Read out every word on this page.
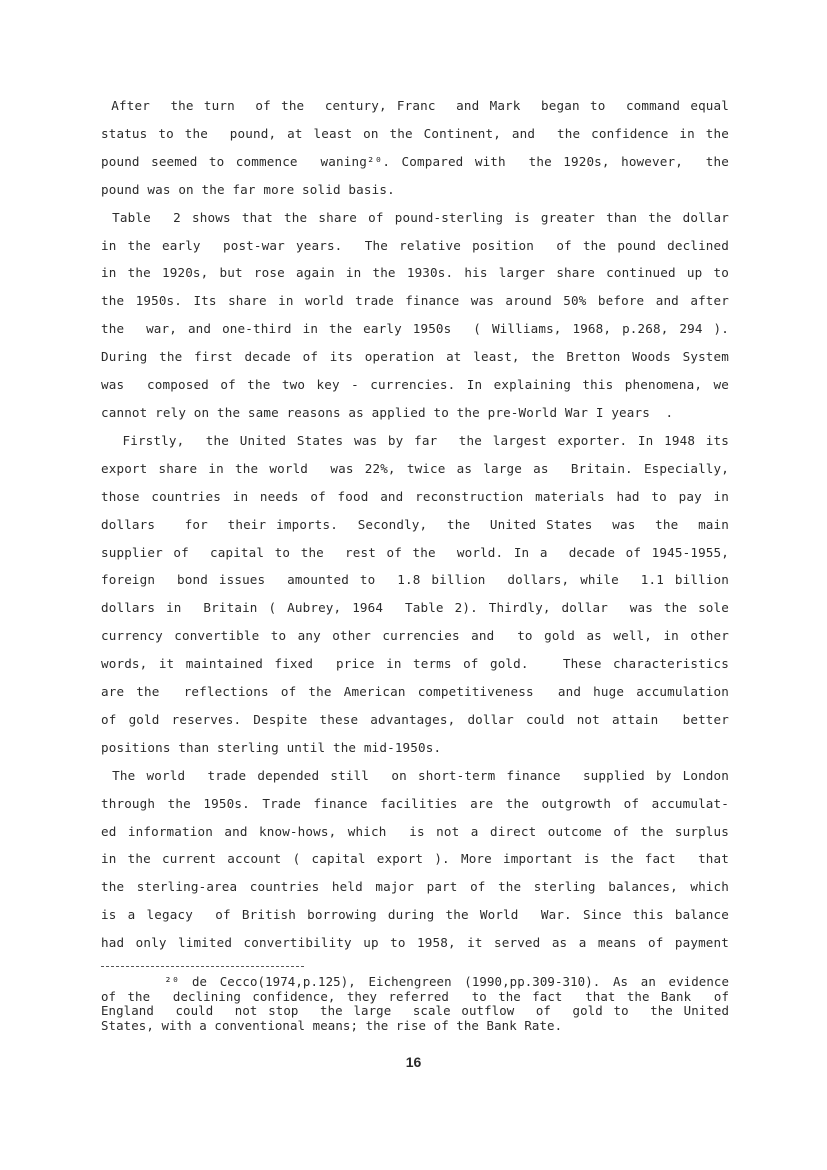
After  the turn  of the  century, Franc  and Mark  began to  command equal
status to the  pound, at least on the Continent, and  the confidence in the
pound seemed to commence  waning²⁰. Compared with  the 1920s, however,  the
pound was on the far more solid basis.
Table  2 shows that the share of pound-sterling is greater than the dollar
in the early  post-war years.  The relative position  of the pound declined
in the 1920s, but rose again in the 1930s. his larger share continued up to
the 1950s. Its share in world trade finance was around 50% before and after
the  war, and one-third in the early 1950s  ( Williams, 1968, p.268, 294 ).
During the first decade of its operation at least, the Bretton Woods System
was  composed of the two key - currencies. In explaining this phenomena, we
cannot rely on the same reasons as applied to the pre-World War I years  .
Firstly,  the United States was by far  the largest exporter. In 1948 its
export share in the world  was 22%, twice as large as  Britain. Especially,
those countries in needs of food and reconstruction materials had to pay in
dollars   for  their imports.  Secondly,  the  United States  was  the  main
supplier of  capital to the  rest of the  world. In a  decade of 1945-1955,
foreign  bond issues  amounted to  1.8 billion  dollars, while  1.1 billion
dollars in  Britain ( Aubrey, 1964  Table 2). Thirdly, dollar  was the sole
currency convertible to any other currencies and  to gold as well, in other
words, it maintained fixed  price in terms of gold.   These characteristics
are the  reflections of the American competitiveness  and huge accumulation
of gold reserves. Despite these advantages, dollar could not attain  better
positions than sterling until the mid-1950s.
The world  trade depended still  on short-term finance  supplied by London
through the 1950s. Trade finance facilities are the outgrowth of accumulat-
ed information and know-hows, which  is not a direct outcome of the surplus
in the current account ( capital export ). More important is the fact  that
the sterling-area countries held major part of the sterling balances, which
is a legacy  of British borrowing during the World  War. Since this balance
had only limited convertibility up to 1958, it served as a means of payment
²⁰ de Cecco(1974,p.125), Eichengreen (1990,pp.309-310). As an evidence
of the  declining confidence, they referred  to the fact  that the Bank  of
England  could  not stop  the large  scale outflow  of  gold to  the United
States, with a conventional means; the rise of the Bank Rate.
16
